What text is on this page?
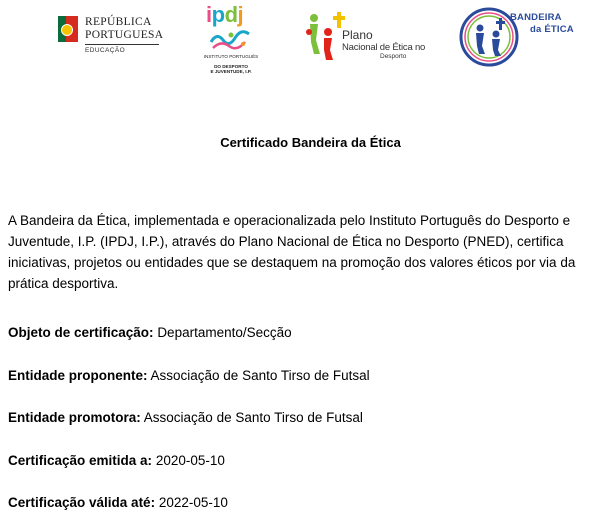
REPÚBLICA
PORTUGUESA
EDUCAÇÃO
ipdj
INSTITUTO PORTUGUÊS
DO DESPORTO
E JUVENTUDE, I.P.
Plano
Nacional de Ética no
Desporto
BANDEIRA
da ÉTICA
Certificado Bandeira da Ética

A Bandeira da Ética, implementada e operacionalizada pelo Instituto Português do Desporto e Juventude, I.P. (IPDJ, I.P.), através do Plano Nacional de Ética no Desporto (PNED), certifica iniciativas, projetos ou entidades que se destaquem na promoção dos valores éticos por via da prática desportiva.

Objeto de certificação: Departamento/Secção

Entidade proponente: Associação de Santo Tirso de Futsal

Entidade promotora: Associação de Santo Tirso de Futsal

Certificação emitida a: 2020-05-10

Certificação válida até: 2022-05-10
